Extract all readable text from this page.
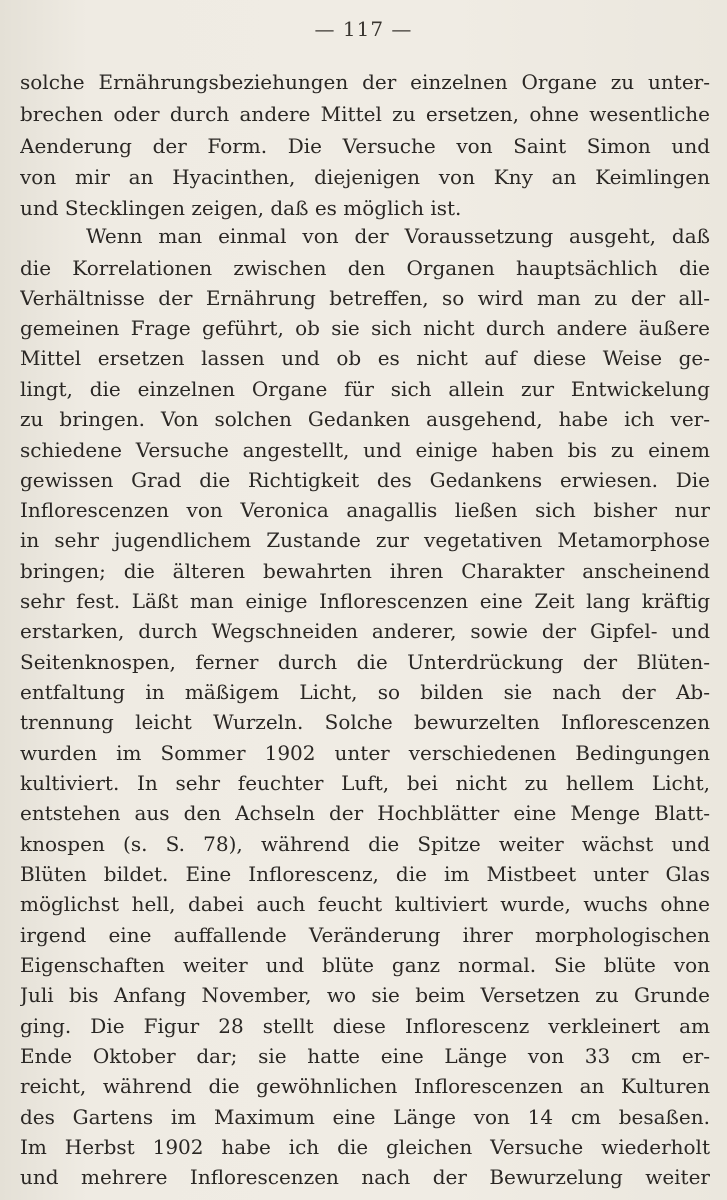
— 117 —
solche Ernährungsbeziehungen der einzelnen Organe zu unter-
brechen oder durch andere Mittel zu ersetzen, ohne wesentliche
Aenderung der Form. Die Versuche von Saint Simon und
von mir an Hyacinthen, diejenigen von Kny an Keimlingen
und Stecklingen zeigen, daß es möglich ist.
Wenn man einmal von der Voraussetzung ausgeht, daß
die Korrelationen zwischen den Organen hauptsächlich die
Verhältnisse der Ernährung betreffen, so wird man zu der all-
gemeinen Frage geführt, ob sie sich nicht durch andere äußere
Mittel ersetzen lassen und ob es nicht auf diese Weise ge-
lingt, die einzelnen Organe für sich allein zur Entwickelung
zu bringen. Von solchen Gedanken ausgehend, habe ich ver-
schiedene Versuche angestellt, und einige haben bis zu einem
gewissen Grad die Richtigkeit des Gedankens erwiesen. Die
Inflorescenzen von Veronica anagallis ließen sich bisher nur
in sehr jugendlichem Zustande zur vegetativen Metamorphose
bringen; die älteren bewahrten ihren Charakter anscheinend
sehr fest. Läßt man einige Inflorescenzen eine Zeit lang kräftig
erstarken, durch Wegschneiden anderer, sowie der Gipfel- und
Seitenknospen, ferner durch die Unterdrückung der Blüten-
entfaltung in mäßigem Licht, so bilden sie nach der Ab-
trennung leicht Wurzeln. Solche bewurzelten Inflorescenzen
wurden im Sommer 1902 unter verschiedenen Bedingungen
kultiviert. In sehr feuchter Luft, bei nicht zu hellem Licht,
entstehen aus den Achseln der Hochblätter eine Menge Blatt-
knospen (s. S. 78), während die Spitze weiter wächst und
Blüten bildet. Eine Inflorescenz, die im Mistbeet unter Glas
möglichst hell, dabei auch feucht kultiviert wurde, wuchs ohne
irgend eine auffallende Veränderung ihrer morphologischen
Eigenschaften weiter und blüte ganz normal. Sie blüte von
Juli bis Anfang November, wo sie beim Versetzen zu Grunde
ging. Die Figur 28 stellt diese Inflorescenz verkleinert am
Ende Oktober dar; sie hatte eine Länge von 33 cm er-
reicht, während die gewöhnlichen Inflorescenzen an Kulturen
des Gartens im Maximum eine Länge von 14 cm besaßen.
Im Herbst 1902 habe ich die gleichen Versuche wiederholt
und mehrere Inflorescenzen nach der Bewurzelung weiter
